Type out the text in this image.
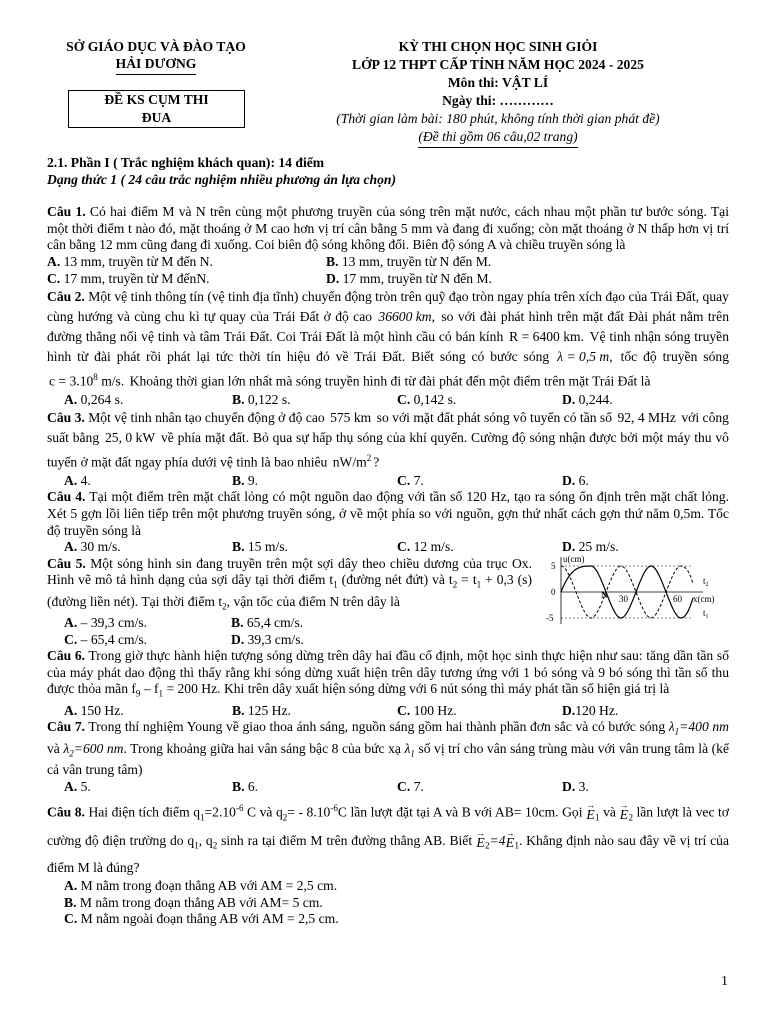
SỞ GIÁO DỤC VÀ ĐÀO TẠO
HẢI DƯƠNG
ĐỀ KS CỤM THI
ĐUA
KỲ THI CHỌN HỌC SINH GIỎI
LỚP 12 THPT CẤP TỈNH NĂM HỌC 2024 - 2025
Môn thi: VẬT LÍ
Ngày thi: …………
(Thời gian làm bài: 180 phút, không tính thời gian phát đề)
(Đề thi gồm 06 câu,02 trang)

2.1. Phần I ( Trắc nghiệm khách quan): 14 điểm

Dạng thức 1 ( 24 câu trắc nghiệm nhiều phương án lựa chọn)

Câu 1. Có hai điểm M và N trên cùng một phương truyền của sóng trên mặt nước, cách nhau một phần tư bước sóng. Tại một thời điểm t nào đó, mặt thoáng ở M cao hơn vị trí cân bằng 5 mm và đang đi xuống; còn mặt thoáng ở N thấp hơn vị trí cân bằng 12 mm cũng đang đi xuống. Coi biên độ sóng không đổi. Biên độ sóng A và chiều truyền sóng là

A. 13 mm, truyền từ M đến N.	B. 13 mm, truyền từ N đến M.
C. 17 mm, truyền từ M đếnN.	D. 17 mm, truyền từ N đến M.

Câu 2. Một vệ tinh thông tín (vệ tinh địa tĩnh) chuyển động tròn trên quỹ đạo tròn ngay phía trên xích đạo của Trái Đất, quay cùng hướng và cùng chu kì tự quay của Trái Đất ở độ cao 36600 km, so với đài phát hình trên mặt đất Đài phát nằm trên đường thẳng nối vệ tinh và tâm Trái Đất. Coi Trái Đất là một hình cầu có bán kính R = 6400 km. Vệ tinh nhận sóng truyền hình từ đài phát rồi phát lại tức thời tín hiệu đó về Trái Đất. Biết sóng có bước sóng λ = 0,5 m, tốc độ truyền sóng $c = 3.10^8$ m/s. Khoảng thời gian lớn nhất mà sóng truyền hình đi từ đài phát đến một điểm trên mặt Trái Đất là

A. 0,264 s.	B. 0,122 s.	C. 0,142 s.	D. 0,244.

Câu 3. Một vệ tinh nhân tạo chuyển động ở độ cao 575 km so với mặt đất phát sóng vô tuyến có tần số 92, 4 MHz với công suất bằng 25, 0 kW về phía mặt đất. Bỏ qua sự hấp thụ sóng của khí quyển. Cường độ sóng nhận được bởi một máy thu vô tuyến ở mặt đất ngay phía dưới vệ tinh là bao nhiêu $nW/m^2$ ?

A. 4.	B. 9.	C. 7.	D. 6.

Câu 4. Tại một điểm trên mặt chất lỏng có một nguồn dao động với tần số 120 Hz, tạo ra sóng ổn định trên mặt chất lỏng. Xét 5 gợn lồi liên tiếp trên một phương truyền sóng, ở về một phía so với nguồn, gợn thứ nhất cách gợn thứ năm 0,5m. Tốc độ truyền sóng là

A. 30 m/s.	B. 15 m/s.	C. 12 m/s.	D. 25 m/s.

Câu 5. Một sóng hình sin đang truyền trên một sợi dây theo chiều dương của trục Ox. Hình vẽ mô tả hình dạng của sợi dây tại thời điểm $t_1$ (đường nét đứt) và $t_2 = t_1 + 0,3$ (s) (đường liền nét). Tại thời điểm $t_2$, vận tốc của điểm N trên dây là

A. – 39,3 cm/s.	B. 65,4 cm/s.
C. – 65,4 cm/s.	D. 39,3 cm/s.
u(cm)
5
0
-5
30	60 x(cm)
N
$t_2$
$t_1$

Câu 6. Trong giờ thực hành hiện tượng sóng dừng trên dây hai đầu cố định, một học sinh thực hiện như sau: tăng dần tần số của máy phát dao động thì thấy rằng khi sóng dừng xuất hiện trên dây tương ứng với 1 bó sóng và 9 bó sóng thì tần số thu được thỏa mãn $f_9 - f_1 = 200$ Hz. Khi trên dây xuất hiện sóng dừng với 6 nút sóng thì máy phát tần số hiện giá trị là

A. 150 Hz.	B. 125 Hz.	C. 100 Hz.	D.120 Hz.

Câu 7. Trong thí nghiệm Young về giao thoa ánh sáng, nguồn sáng gồm hai thành phần đơn sắc và có bước sóng $\lambda_1=400$ nm và $\lambda_2=600$ nm. Trong khoảng giữa hai vân sáng bậc 8 của bức xạ $\lambda_1$ số vị trí cho vân sáng trùng màu với vân trung tâm là (kể cả vân trung tâm)

A. 5.	B. 6.	C. 7.	D. 3.

Câu 8. Hai điện tích điểm $q_1=2.10^{-6}$ C và $q_2= - 8.10^{-6}C$ lần lượt đặt tại A và B với AB= 10cm. Gọi →
$E_1$ và →
$E_2$ lần lượt là vec tơ cường độ điện trường do $q_1$, $q_2$ sinh ra tại điểm M trên đường thẳng AB. Biết →
$E_2=4$ →
$E_1$. Khẳng định nào sau đây về vị trí của điểm M là đúng?

A. M nằm trong đoạn thẳng AB với AM = 2,5 cm.
B. M nằm trong đoạn thẳng AB với AM= 5 cm.
C. M nằm ngoài đoạn thẳng AB với AM = 2,5 cm.
1
